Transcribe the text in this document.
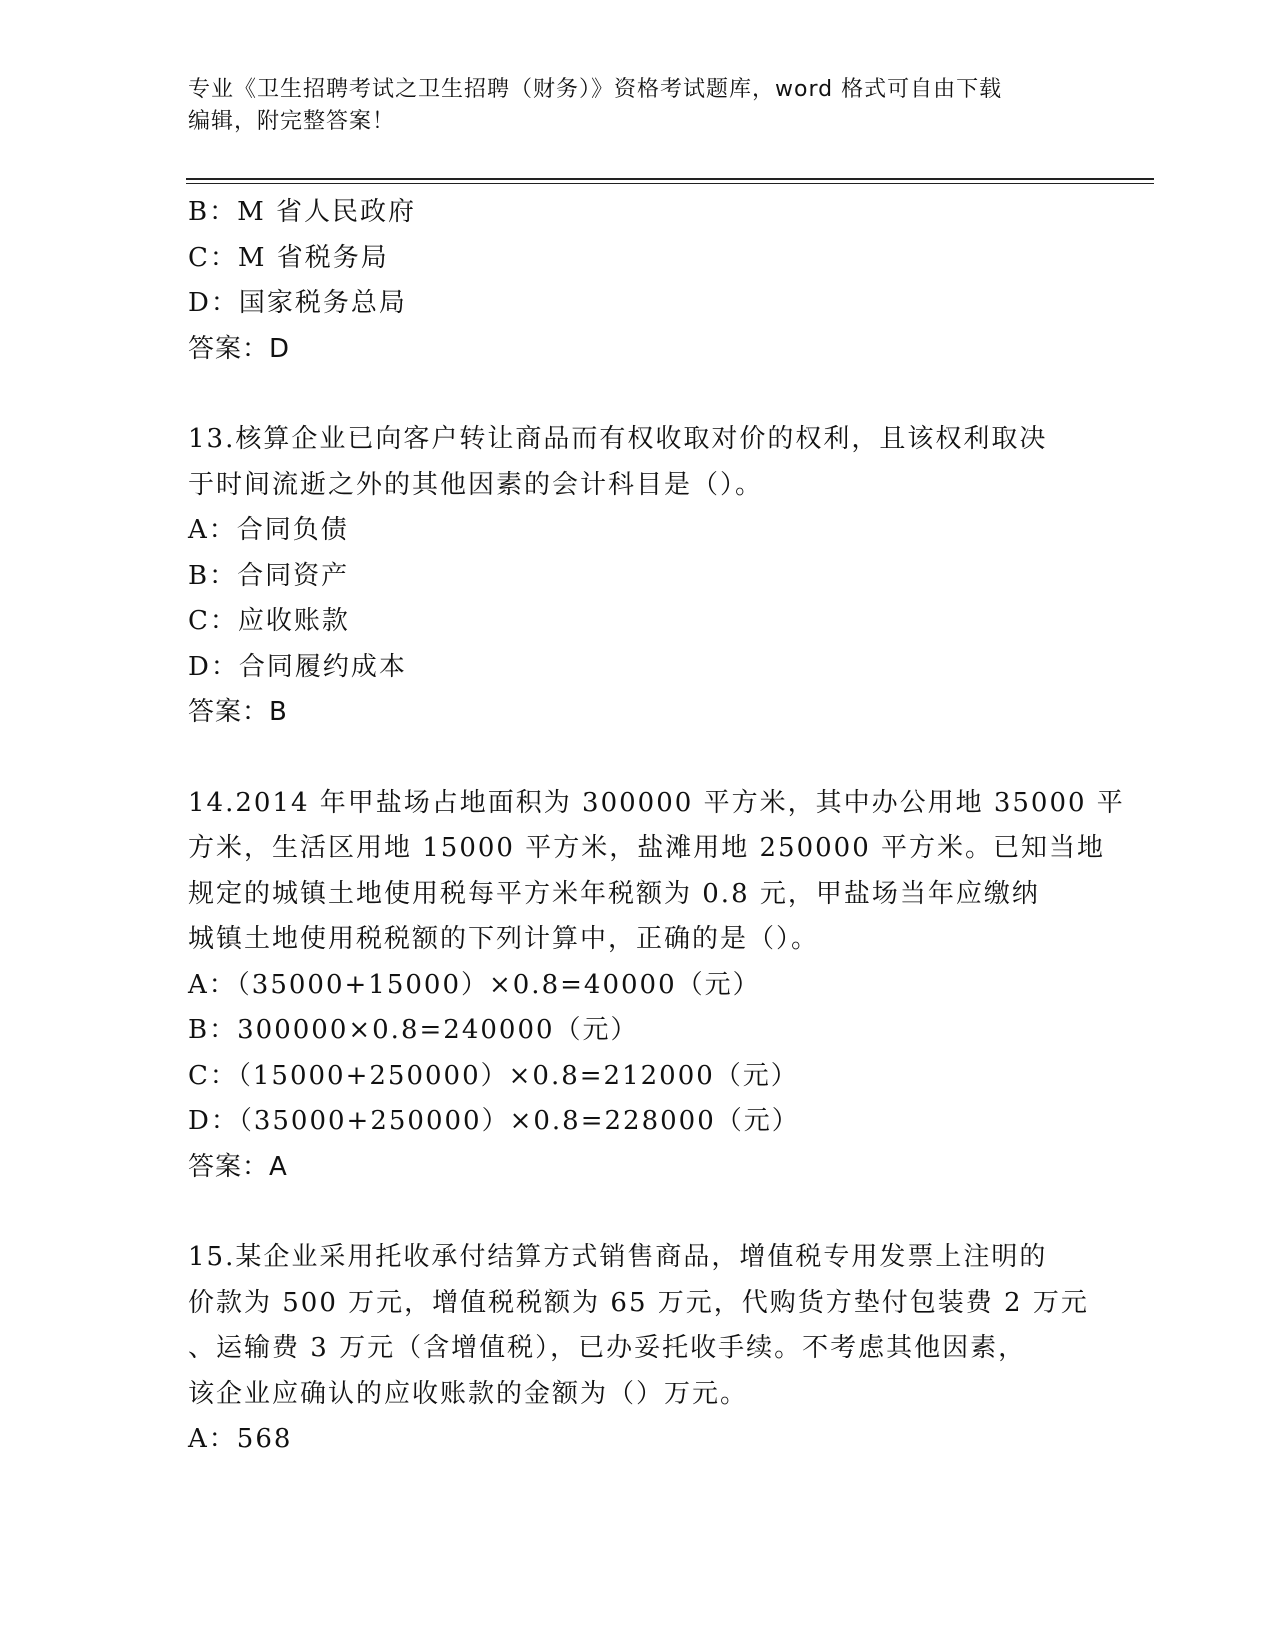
专业《卫生招聘考试之卫生招聘（财务）》资格考试题库，word 格式可自由下载
编辑，附完整答案！
B：M 省人民政府
C：M 省税务局
D：国家税务总局
答案：D
13.核算企业已向客户转让商品而有权收取对价的权利，且该权利取决
于时间流逝之外的其他因素的会计科目是（）。
A：合同负债
B：合同资产
C：应收账款
D：合同履约成本
答案：B
14.2014 年甲盐场占地面积为 300000 平方米，其中办公用地 35000 平
方米，生活区用地 15000 平方米，盐滩用地 250000 平方米。已知当地
规定的城镇土地使用税每平方米年税额为 0.8 元，甲盐场当年应缴纳
城镇土地使用税税额的下列计算中，正确的是（）。
A：（35000+15000）×0.8=40000（元）
B：300000×0.8=240000（元）
C：（15000+250000）×0.8=212000（元）
D：（35000+250000）×0.8=228000（元）
答案：A
15.某企业采用托收承付结算方式销售商品，增值税专用发票上注明的
价款为 500 万元，增值税税额为 65 万元，代购货方垫付包装费 2 万元
、运输费 3 万元（含增值税），已办妥托收手续。不考虑其他因素，
该企业应确认的应收账款的金额为（）万元。
A：568
